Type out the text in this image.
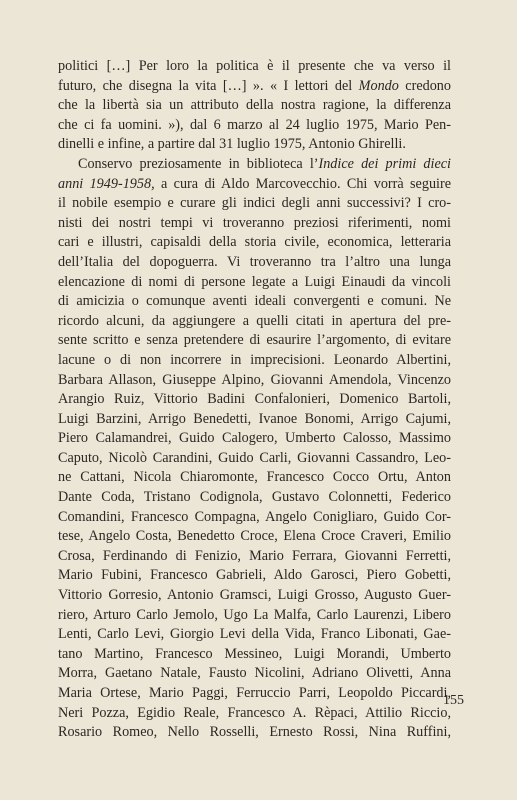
politici […] Per loro la politica è il presente che va verso il
futuro, che disegna la vita […] ». « I lettori del Mondo credono
che la libertà sia un attributo della nostra ragione, la differenza
che ci fa uomini. »), dal 6 marzo al 24 luglio 1975, Mario Pen-
dinelli e infine, a partire dal 31 luglio 1975, Antonio Ghirelli.

Conservo preziosamente in biblioteca l’Indice dei primi dieci
anni 1949-1958, a cura di Aldo Marcovecchio. Chi vorrà seguire
il nobile esempio e curare gli indici degli anni successivi? I cro-
nisti dei nostri tempi vi troveranno preziosi riferimenti, nomi
cari e illustri, capisaldi della storia civile, economica, letteraria
dell’Italia del dopoguerra. Vi troveranno tra l’altro una lunga
elencazione di nomi di persone legate a Luigi Einaudi da vincoli
di amicizia o comunque aventi ideali convergenti e comuni. Ne
ricordo alcuni, da aggiungere a quelli citati in apertura del pre-
sente scritto e senza pretendere di esaurire l’argomento, di evitare
lacune o di non incorrere in imprecisioni. Leonardo Albertini,
Barbara Allason, Giuseppe Alpino, Giovanni Amendola, Vincenzo
Arangio Ruiz, Vittorio Badini Confalonieri, Domenico Bartoli,
Luigi Barzini, Arrigo Benedetti, Ivanoe Bonomi, Arrigo Cajumi,
Piero Calamandrei, Guido Calogero, Umberto Calosso, Massimo
Caputo, Nicolò Carandini, Guido Carli, Giovanni Cassandro, Leo-
ne Cattani, Nicola Chiaromonte, Francesco Cocco Ortu, Anton
Dante Coda, Tristano Codignola, Gustavo Colonnetti, Federico
Comandini, Francesco Compagna, Angelo Conigliaro, Guido Cor-
tese, Angelo Costa, Benedetto Croce, Elena Croce Craveri, Emilio
Crosa, Ferdinando di Fenizio, Mario Ferrara, Giovanni Ferretti,
Mario Fubini, Francesco Gabrieli, Aldo Garosci, Piero Gobetti,
Vittorio Gorresio, Antonio Gramsci, Luigi Grosso, Augusto Guer-
riero, Arturo Carlo Jemolo, Ugo La Malfa, Carlo Laurenzi, Libero
Lenti, Carlo Levi, Giorgio Levi della Vida, Franco Libonati, Gae-
tano Martino, Francesco Messineo, Luigi Morandi, Umberto
Morra, Gaetano Natale, Fausto Nicolini, Adriano Olivetti, Anna
Maria Ortese, Mario Paggi, Ferruccio Parri, Leopoldo Piccardi,
Neri Pozza, Egidio Reale, Francesco A. Rèpaci, Attilio Riccio,
Rosario Romeo, Nello Rosselli, Ernesto Rossi, Nina Ruffini,

155
